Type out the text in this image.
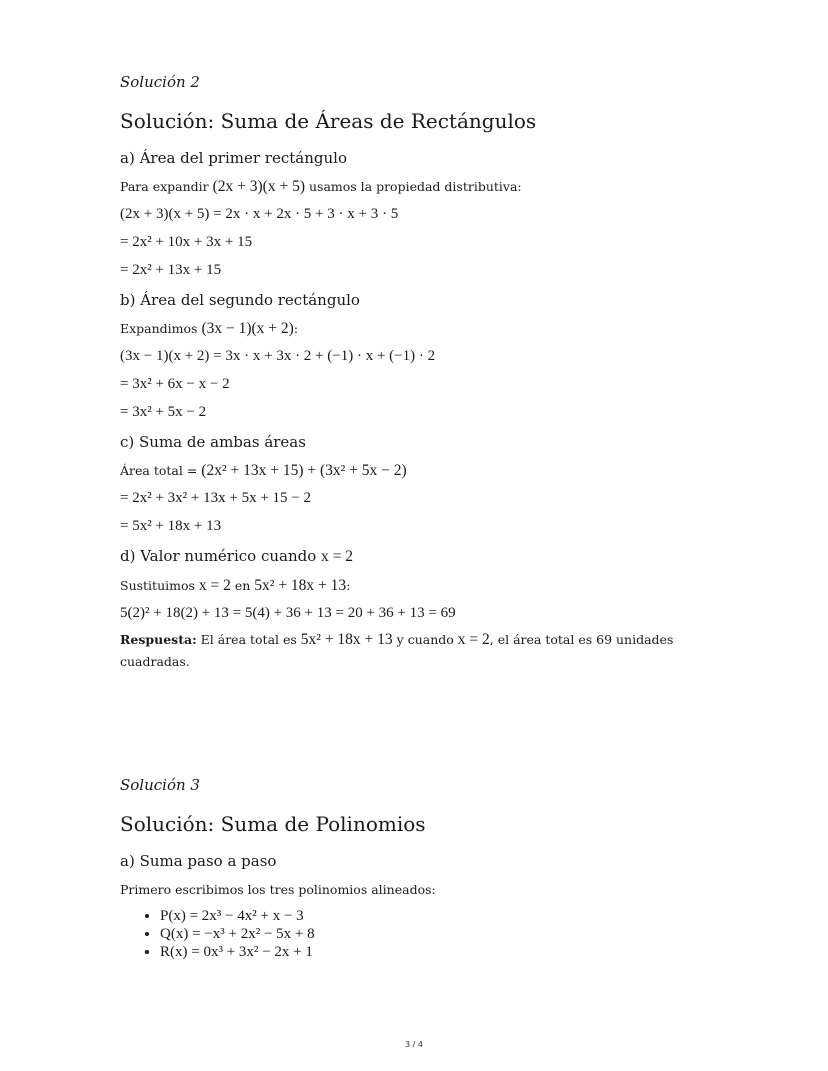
Solución 2

Solución: Suma de Áreas de Rectángulos
a) Área del primer rectángulo

Para expandir (2x + 3)(x + 5) usamos la propiedad distributiva:

(2x + 3)(x + 5) = 2x · x + 2x · 5 + 3 · x + 3 · 5

= 2x² + 10x + 3x + 15

= 2x² + 13x + 15

b) Área del segundo rectángulo

Expandimos (3x − 1)(x + 2):

(3x − 1)(x + 2) = 3x · x + 3x · 2 + (−1) · x + (−1) · 2

= 3x² + 6x − x − 2

= 3x² + 5x − 2

c) Suma de ambas áreas

Área total = (2x² + 13x + 15) + (3x² + 5x − 2)

= 2x² + 3x² + 13x + 5x + 15 − 2

= 5x² + 18x + 13

d) Valor numérico cuando x = 2

Sustituimos x = 2 en 5x² + 18x + 13:

5(2)² + 18(2) + 13 = 5(4) + 36 + 13 = 20 + 36 + 13 = 69

Respuesta: El área total es 5x² + 18x + 13 y cuando x = 2, el área total es 69 unidades cuadradas.

Solución 3

Solución: Suma de Polinomios
a) Suma paso a paso

Primero escribimos los tres polinomios alineados:

• P(x) = 2x³ − 4x² + x − 3
• Q(x) = −x³ + 2x² − 5x + 8
• R(x) = 0x³ + 3x² − 2x + 1
3 / 4
